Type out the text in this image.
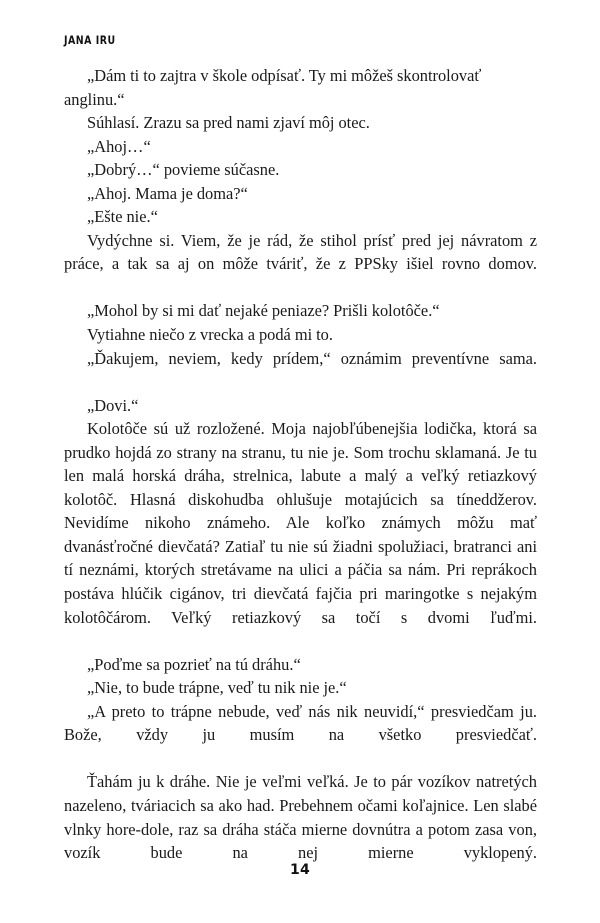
JANA IRU

„Dám ti to zajtra v škole odpísať. Ty mi môžeš skontrolovať anglinu.“

Súhlasí. Zrazu sa pred nami zjaví môj otec.

„Ahoj…“

„Dobrý…“ povieme súčasne.

„Ahoj. Mama je doma?“

„Ešte nie.“

Vydýchne si. Viem, že je rád, že stihol prísť pred jej návratom z práce, a tak sa aj on môže tváriť, že z PPSky išiel rovno domov.

„Mohol by si mi dať nejaké peniaze? Prišli kolotôče.“

Vytiahne niečo z vrecka a podá mi to.

„Ďakujem, neviem, kedy prídem,“ oznámim preventívne sama.

„Dovi.“

Kolotôče sú už rozložené. Moja najobľúbenejšia lodička, ktorá sa prudko hojdá zo strany na stranu, tu nie je. Som trochu sklamaná. Je tu len malá horská dráha, strelnica, labute a malý a veľký retiazkový kolotôč. Hlasná diskohudba ohlušuje motajúcich sa tíneddžerov. Nevidíme nikoho známeho. Ale koľko známych môžu mať dvanásťročné dievčatá? Zatiaľ tu nie sú žiadni spolužiaci, bratranci ani tí neznámi, ktorých stretávame na ulici a páčia sa nám. Pri reprákoch postáva hlúčik cigánov, tri dievčatá fajčia pri maringotke s nejakým kolotôčárom. Veľký retiazkový sa točí s dvomi ľuďmi.

„Poďme sa pozrieť na tú dráhu.“

„Nie, to bude trápne, veď tu nik nie je.“

„A preto to trápne nebude, veď nás nik neuvidí,“ presviedčam ju. Bože, vždy ju musím na všetko presviedčať.

Ťahám ju k dráhe. Nie je veľmi veľká. Je to pár vozíkov natretých nazeleno, tváriacich sa ako had. Prebehnem očami koľajnice. Len slabé vlnky hore-dole, raz sa dráha stáča mierne dovnútra a potom zasa von, vozík bude na nej mierne vyklopený.

14
